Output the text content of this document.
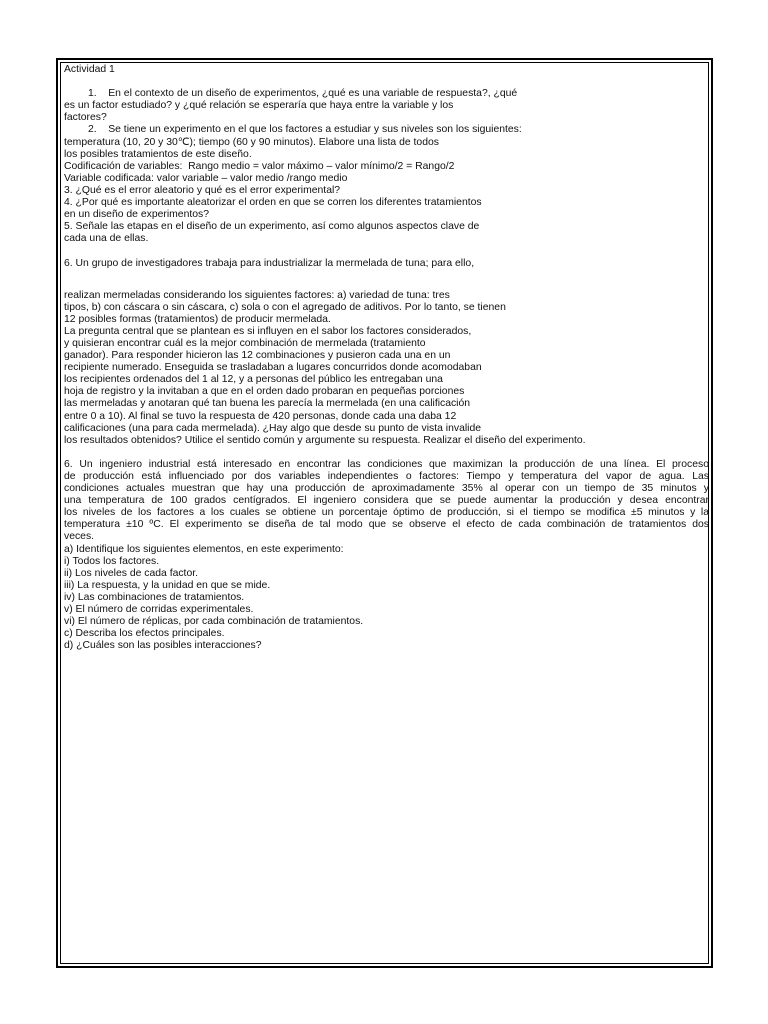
Actividad 1
1.    En el contexto de un diseño de experimentos, ¿qué es una variable de respuesta?, ¿qué
es un factor estudiado? y ¿qué relación se esperaría que haya entre la variable y los
factores?
2.    Se tiene un experimento en el que los factores a estudiar y sus niveles son los siguientes:
temperatura (10, 20 y 30℃); tiempo (60 y 90 minutos). Elabore una lista de todos
los posibles tratamientos de este diseño.
Codificación de variables:  Rango medio = valor máximo – valor mínimo/2 = Rango/2
Variable codificada: valor variable – valor medio /rango medio
3. ¿Qué es el error aleatorio y qué es el error experimental?
4. ¿Por qué es importante aleatorizar el orden en que se corren los diferentes tratamientos
en un diseño de experimentos?
5. Señale las etapas en el diseño de un experimento, así como algunos aspectos clave de
cada una de ellas.
6. Un grupo de investigadores trabaja para industrializar la mermelada de tuna; para ello,
realizan mermeladas considerando los siguientes factores: a) variedad de tuna: tres
tipos, b) con cáscara o sin cáscara, c) sola o con el agregado de aditivos. Por lo tanto, se tienen
12 posibles formas (tratamientos) de producir mermelada.
La pregunta central que se plantean es si influyen en el sabor los factores considerados,
y quisieran encontrar cuál es la mejor combinación de mermelada (tratamiento
ganador). Para responder hicieron las 12 combinaciones y pusieron cada una en un
recipiente numerado. Enseguida se trasladaban a lugares concurridos donde acomodaban
los recipientes ordenados del 1 al 12, y a personas del público les entregaban una
hoja de registro y la invitaban a que en el orden dado probaran en pequeñas porciones
las mermeladas y anotaran qué tan buena les parecía la mermelada (en una calificación
entre 0 a 10). Al final se tuvo la respuesta de 420 personas, donde cada una daba 12
calificaciones (una para cada mermelada). ¿Hay algo que desde su punto de vista invalide
los resultados obtenidos? Utilice el sentido común y argumente su respuesta. Realizar el diseño del experimento.
6. Un ingeniero industrial está interesado en encontrar las condiciones que maximizan la producción de una línea. El proceso
de producción está influenciado por dos variables independientes o factores: Tiempo y temperatura del vapor de agua. Las
condiciones actuales muestran que hay una producción de aproximadamente 35% al operar con un tiempo de 35 minutos y
una temperatura de 100 grados centígrados. El ingeniero considera que se puede aumentar la producción y desea encontrar
los niveles de los factores a los cuales se obtiene un porcentaje óptimo de producción, si el tiempo se modifica ±5 minutos y la
temperatura ±10 ºC. El experimento se diseña de tal modo que se observe el efecto de cada combinación de tratamientos dos
veces.
a) Identifique los siguientes elementos, en este experimento:
i) Todos los factores.
ii) Los niveles de cada factor.
iii) La respuesta, y la unidad en que se mide.
iv) Las combinaciones de tratamientos.
v) El número de corridas experimentales.
vi) El número de réplicas, por cada combinación de tratamientos.
c) Describa los efectos principales.
d) ¿Cuáles son las posibles interacciones?
